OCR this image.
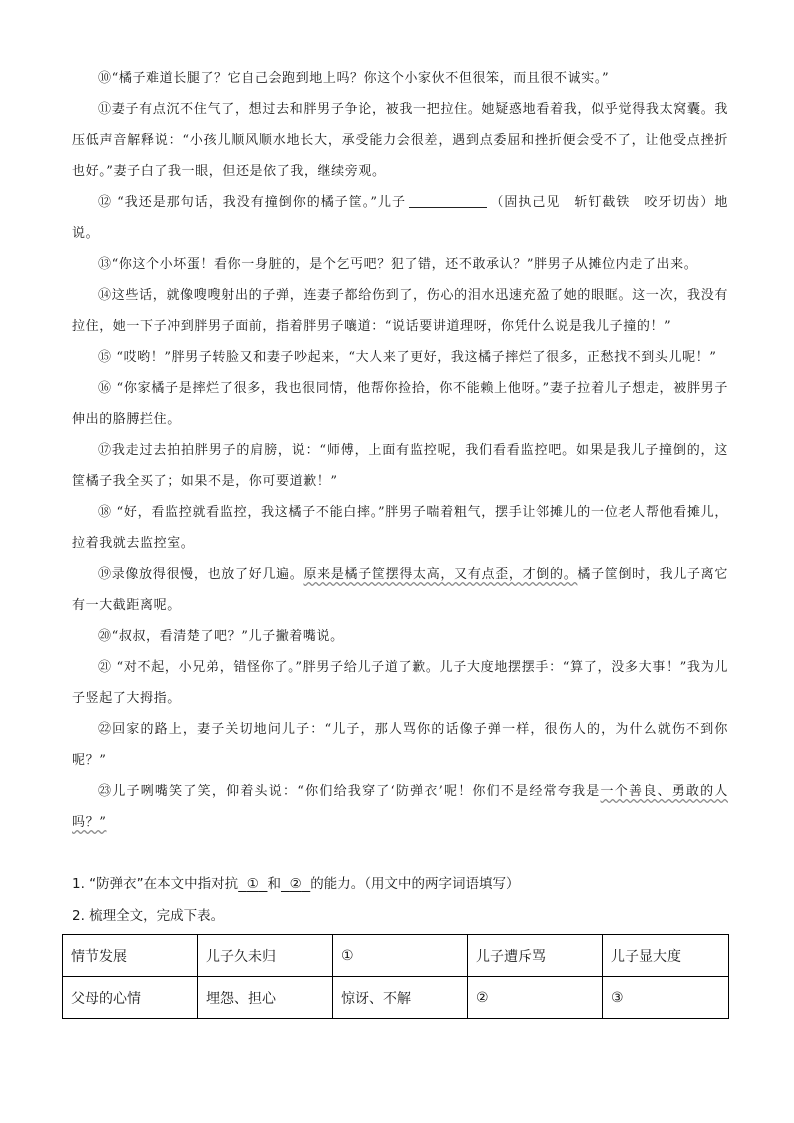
⑩“橘子难道长腿了？它自己会跑到地上吗？你这个小家伙不但很笨，而且很不诚实。”

⑪妻子有点沉不住气了，想过去和胖男子争论，被我一把拉住。她疑惑地看着我，似乎觉得我太窝囊。我压低声音解释说：“小孩儿顺风顺水地长大，承受能力会很差，遇到点委屈和挫折便会受不了，让他受点挫折也好。”妻子白了我一眼，但还是依了我，继续旁观。

⑫ “我还是那句话，我没有撞倒你的橘子筐。”儿子	（固执己见　斩钉截铁　咬牙切齿）地说。

⑬“你这个小坏蛋！看你一身脏的，是个乞丐吧？犯了错，还不敢承认？”胖男子从摊位内走了出来。

⑭这些话，就像嗖嗖射出的子弹，连妻子都给伤到了，伤心的泪水迅速充盈了她的眼眶。这一次，我没有拉住，她一下子冲到胖男子面前，指着胖男子嚷道：“说话要讲道理呀，你凭什么说是我儿子撞的！”

⑮ “哎哟！”胖男子转脸又和妻子吵起来，“大人来了更好，我这橘子摔烂了很多，正愁找不到头儿呢！”

⑯ “你家橘子是摔烂了很多，我也很同情，他帮你捡拾，你不能赖上他呀。”妻子拉着儿子想走，被胖男子伸出的胳膊拦住。

⑰我走过去拍拍胖男子的肩膀，说：“师傅，上面有监控呢，我们看看监控吧。如果是我儿子撞倒的，这筐橘子我全买了；如果不是，你可要道歉！”

⑱ “好，看监控就看监控，我这橘子不能白摔。”胖男子喘着粗气，摆手让邻摊儿的一位老人帮他看摊儿，拉着我就去监控室。

⑲录像放得很慢，也放了好几遍。原来是橘子筐摆得太高，又有点歪，才倒的。橘子筐倒时，我儿子离它有一大截距离呢。

⑳“叔叔，看清楚了吧？”儿子撇着嘴说。

㉑ “对不起，小兄弟，错怪你了。”胖男子给儿子道了歉。儿子大度地摆摆手：“算了，没多大事！”我为儿子竖起了大拇指。

㉒回家的路上，妻子关切地问儿子：“儿子，那人骂你的话像子弹一样，很伤人的，为什么就伤不到你呢？”

㉓儿子咧嘴笑了笑，仰着头说：“你们给我穿了‘防弹衣’呢！你们不是经常夸我是一个善良、勇敢的人吗？”

1. “防弹衣”在本文中指对抗 ① 和 ② 的能力。（用文中的两字词语填写）

2. 梳理全文，完成下表。

情节发展	儿子久未归	①	儿子遭斥骂	儿子显大度
父母的心情	埋怨、担心	惊讶、不解	②	③
